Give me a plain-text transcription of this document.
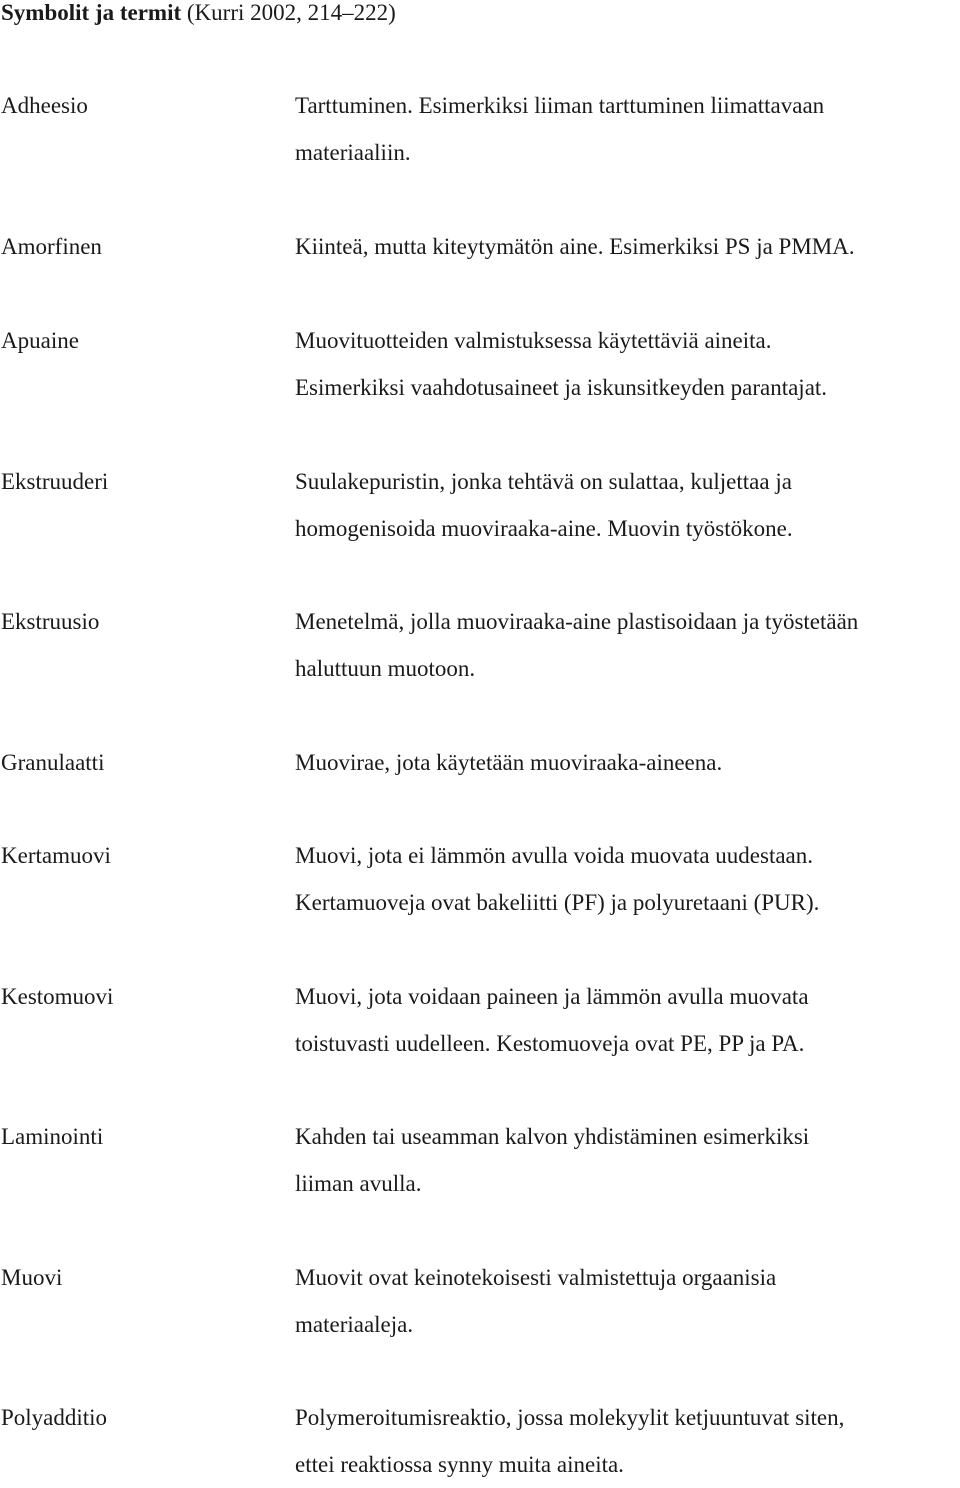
Symbolit ja termit (Kurri 2002, 214–222)
Adheesio	Tarttuminen. Esimerkiksi liiman tarttuminen liimattavaan
materiaaliin.
Amorfinen	Kiinteä, mutta kiteytymätön aine. Esimerkiksi PS ja PMMA.
Apuaine	Muovituotteiden valmistuksessa käytettäviä aineita.
Esimerkiksi vaahdotusaineet ja iskunsitkeyden parantajat.
Ekstruuderi	Suulakepuristin, jonka tehtävä on sulattaa, kuljettaa ja
homogenisoida muoviraaka-aine. Muovin työstökone.
Ekstruusio	Menetelmä, jolla muoviraaka-aine plastisoidaan ja työstetään
haluttuun muotoon.
Granulaatti	Muovirae, jota käytetään muoviraaka-aineena.
Kertamuovi	Muovi, jota ei lämmön avulla voida muovata uudestaan.
Kertamuoveja ovat bakeliitti (PF) ja polyuretaani (PUR).
Kestomuovi	Muovi, jota voidaan paineen ja lämmön avulla muovata
toistuvasti uudelleen. Kestomuoveja ovat PE, PP ja PA.
Laminointi	Kahden tai useamman kalvon yhdistäminen esimerkiksi
liiman avulla.
Muovi	Muovit ovat keinotekoisesti valmistettuja orgaanisia
materiaaleja.
Polyadditio	Polymeroitumisreaktio, jossa molekyylit ketjuuntuvat siten,
ettei reaktiossa synny muita aineita.
